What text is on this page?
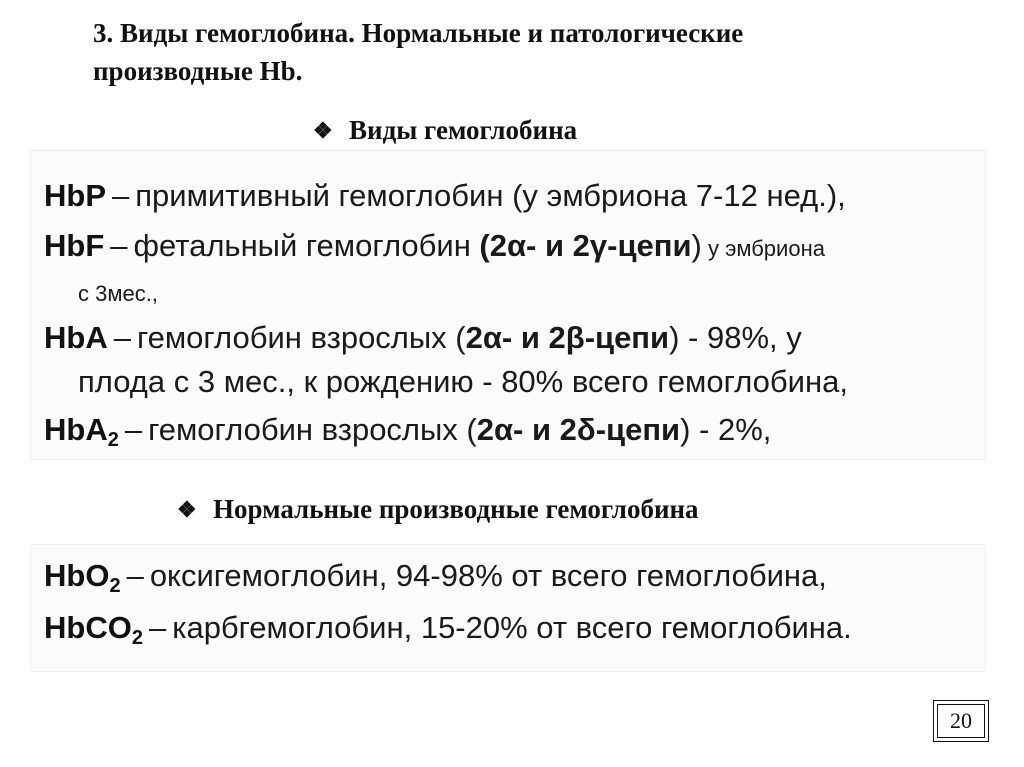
3. Виды гемоглобина. Нормальные и патологические
производные Hb.
❖ Виды гемоглобина
HbP – примитивный гемоглобин (у эмбриона 7-12 нед.),
HbF – фетальный гемоглобин (2α- и 2γ-цепи) у эмбриона
с 3мес.,
HbA – гемоглобин взрослых (2α- и 2β-цепи) - 98%, у
плода с 3 мес., к рождению - 80% всего гемоглобина,
HbA$_2$ – гемоглобин взрослых (2α- и 2δ-цепи) - 2%,
❖ Нормальные производные гемоглобина
HbO$_2$ – оксигемоглобин, 94-98% от всего гемоглобина,
HbCO$_2$ – карбгемоглобин, 15-20% от всего гемоглобина.
20
